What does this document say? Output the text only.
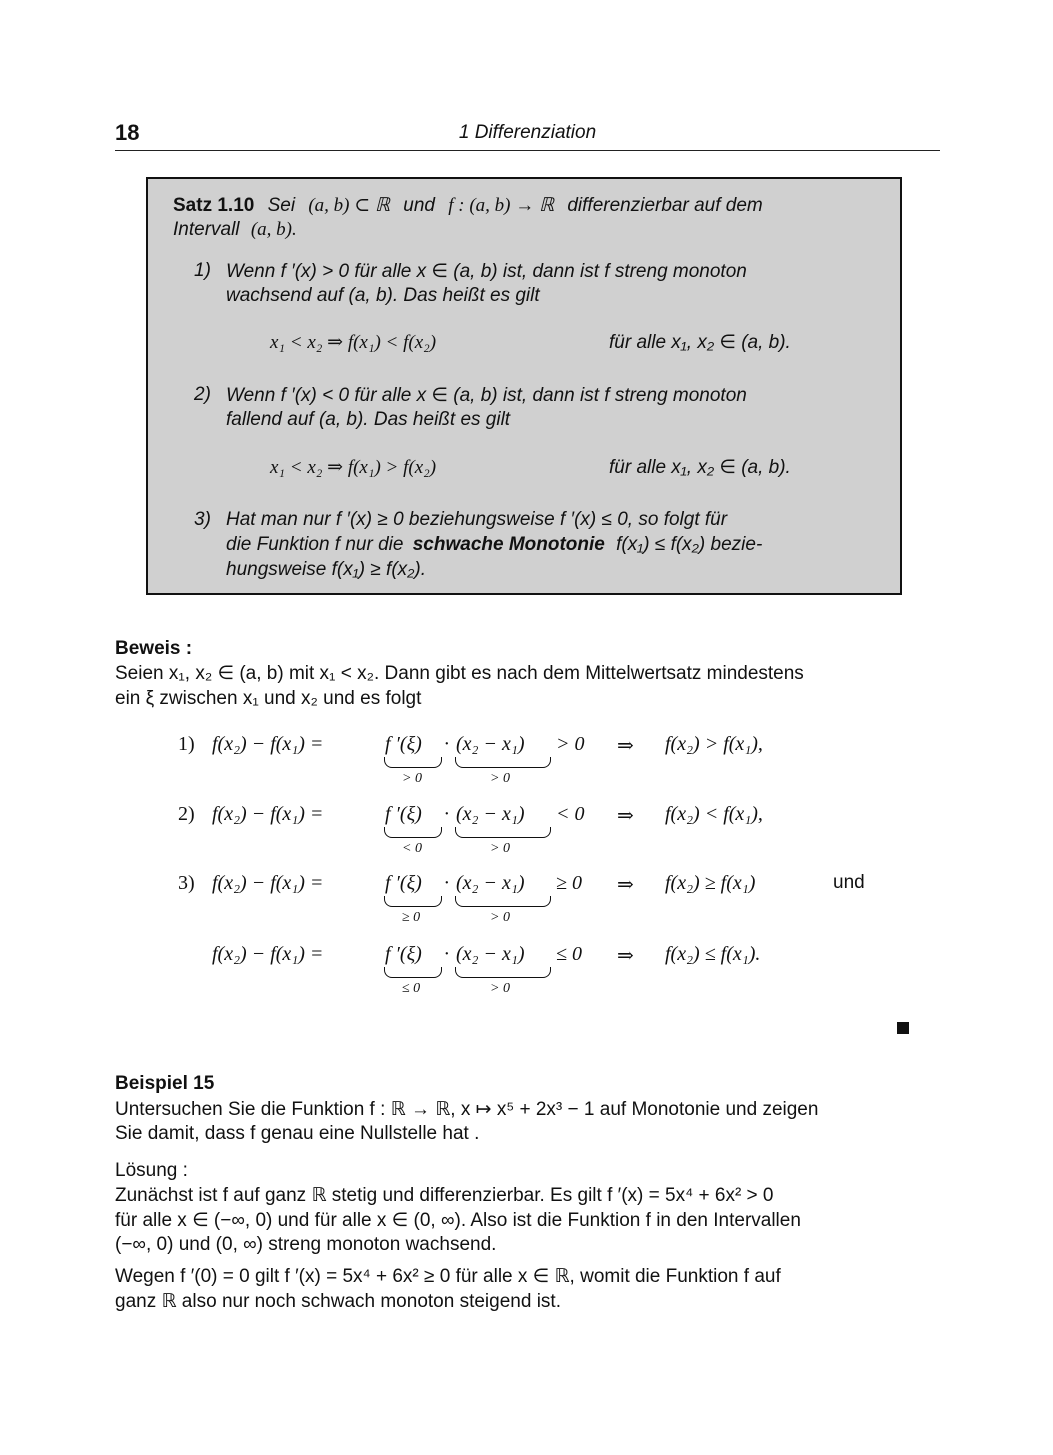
18	1 Differenziation
Satz 1.10 Sei (a, b) ⊂ ℝ und f : (a, b) → ℝ differenzierbar auf dem
Intervall (a, b).
1) Wenn f ′(x) > 0 für alle x ∈ (a, b) ist, dann ist f streng monoton
wachsend auf (a, b). Das heißt es gilt
x₁ < x₂ ⇒ f(x₁) < f(x₂)	für alle x₁, x₂ ∈ (a, b).
2) Wenn f ′(x) < 0 für alle x ∈ (a, b) ist, dann ist f streng monoton
fallend auf (a, b). Das heißt es gilt
x₁ < x₂ ⇒ f(x₁) > f(x₂)	für alle x₁, x₂ ∈ (a, b).
3) Hat man nur f ′(x) ≥ 0 beziehungsweise f ′(x) ≤ 0, so folgt für
die Funktion f nur die schwache Monotonie f(x₁) ≤ f(x₂) bezie-
hungsweise f(x₁) ≥ f(x₂).
Beweis :
Seien x₁, x₂ ∈ (a, b) mit x₁ < x₂. Dann gibt es nach dem Mittelwertsatz mindestens
ein ξ zwischen x₁ und x₂ und es folgt
1) f(x₂) − f(x₁) =	f ′(ξ) · (x₂ − x₁) > 0 ⇒ f(x₂) > f(x₁),
> 0	> 0
2) f(x₂) − f(x₁) =	f ′(ξ) · (x₂ − x₁) < 0 ⇒ f(x₂) < f(x₁),
< 0	> 0
3) f(x₂) − f(x₁) =	f ′(ξ) · (x₂ − x₁) ≥ 0 ⇒ f(x₂) ≥ f(x₁)	und
≥ 0	> 0
f(x₂) − f(x₁) =	f ′(ξ) · (x₂ − x₁) ≤ 0 ⇒ f(x₂) ≤ f(x₁).
≤ 0	> 0
Beispiel 15
Untersuchen Sie die Funktion f : ℝ → ℝ, x ↦ x⁵ + 2x³ − 1 auf Monotonie und zeigen
Sie damit, dass f genau eine Nullstelle hat .
Lösung :
Zunächst ist f auf ganz ℝ stetig und differenzierbar. Es gilt f ′(x) = 5x⁴ + 6x² > 0
für alle x ∈ (−∞, 0) und für alle x ∈ (0, ∞). Also ist die Funktion f in den Intervallen
(−∞, 0) und (0, ∞) streng monoton wachsend.
Wegen f ′(0) = 0 gilt f ′(x) = 5x⁴ + 6x² ≥ 0 für alle x ∈ ℝ, womit die Funktion f auf
ganz ℝ also nur noch schwach monoton steigend ist.
